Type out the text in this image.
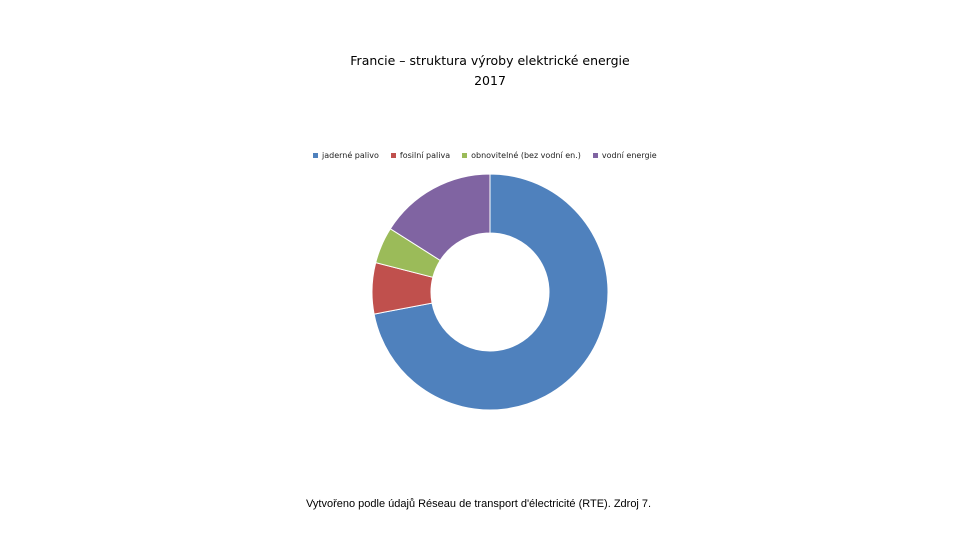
Francie – struktura výroby elektrické energie
2017
jaderné palivo	fosilní paliva	obnovitelné (bez vodní en.)	vodní energie
Vytvořeno podle údajů Réseau de transport d'électricité (RTE). Zdroj 7.
